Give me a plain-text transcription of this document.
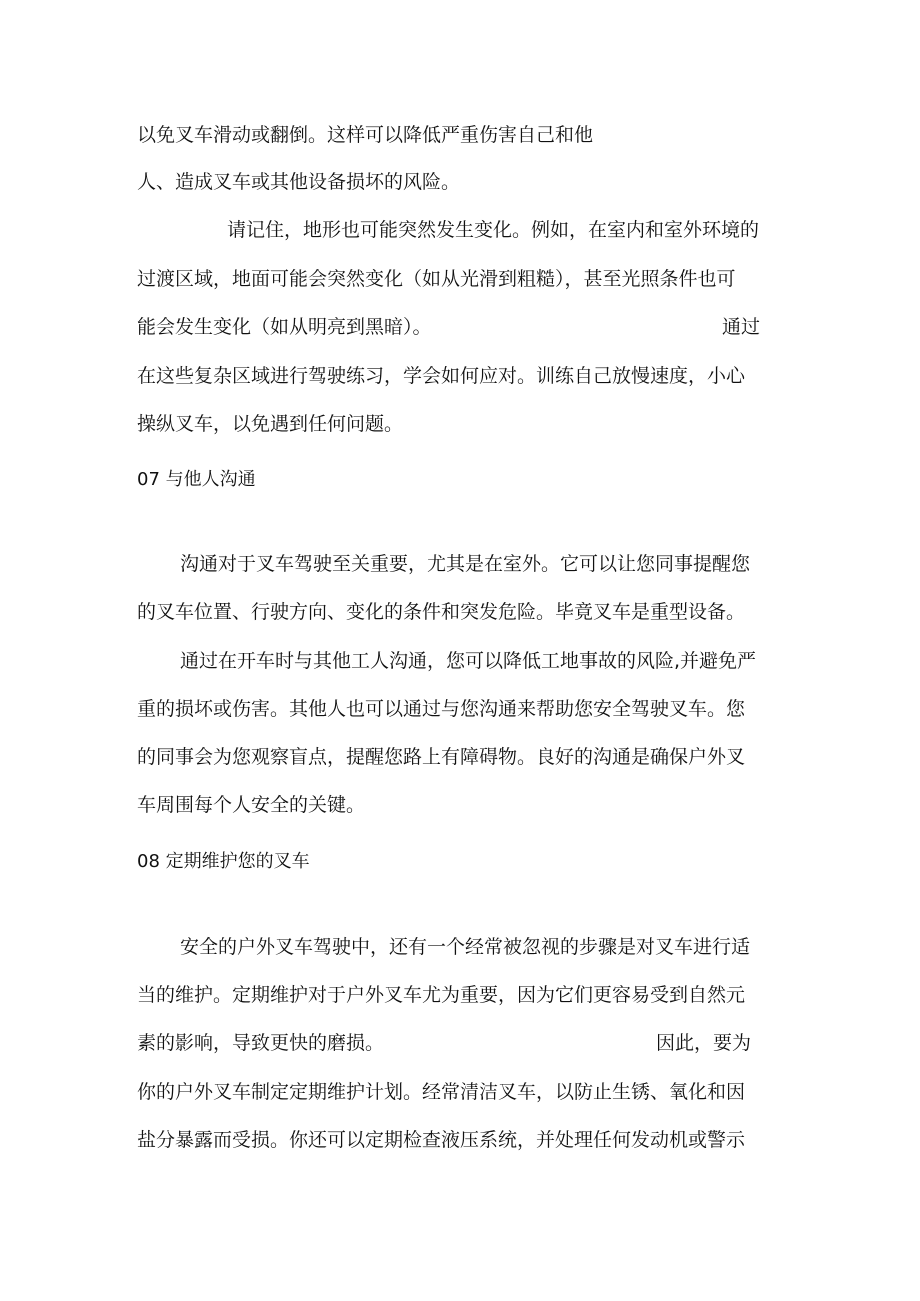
以免叉车滑动或翻倒。这样可以降低严重伤害自己和他
人、造成叉车或其他设备损坏的风险。
请记住，地形也可能突然发生变化。例如，在室内和室外环境的
过渡区域，地面可能会突然变化（如从光滑到粗糙），甚至光照条件也可
能会发生变化（如从明亮到黑暗）。	通过
在这些复杂区域进行驾驶练习，学会如何应对。训练自己放慢速度，小心
操纵叉车，以免遇到任何问题。
07 与他人沟通
沟通对于叉车驾驶至关重要，尤其是在室外。它可以让您同事提醒您
的叉车位置、行驶方向、变化的条件和突发危险。毕竟叉车是重型设备。
通过在开车时与其他工人沟通，您可以降低工地事故的风险,并避免严
重的损坏或伤害。其他人也可以通过与您沟通来帮助您安全驾驶叉车。您
的同事会为您观察盲点，提醒您路上有障碍物。良好的沟通是确保户外叉
车周围每个人安全的关键。
08 定期维护您的叉车
安全的户外叉车驾驶中，还有一个经常被忽视的步骤是对叉车进行适
当的维护。定期维护对于户外叉车尤为重要，因为它们更容易受到自然元
素的影响，导致更快的磨损。	因此，要为
你的户外叉车制定定期维护计划。经常清洁叉车，以防止生锈、氧化和因
盐分暴露而受损。你还可以定期检查液压系统，并处理任何发动机或警示
